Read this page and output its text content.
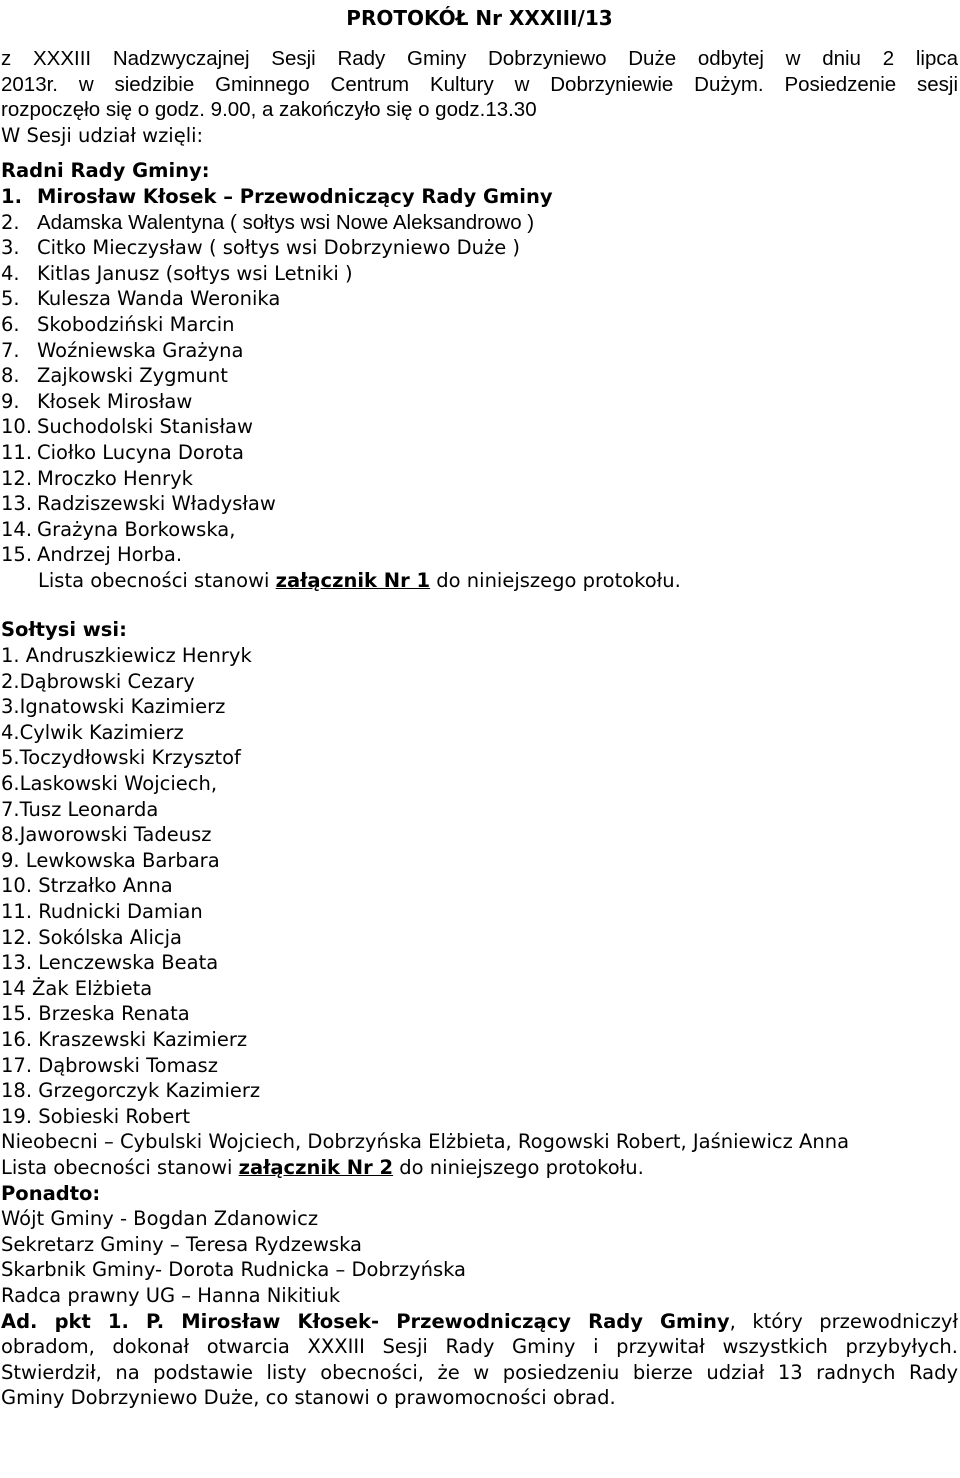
PROTOKÓŁ Nr XXXIII/13
z XXXIII Nadzwyczajnej Sesji Rady Gminy Dobrzyniewo Duże odbytej w dniu 2 lipca
2013r. w siedzibie Gminnego Centrum Kultury w Dobrzyniewie Dużym. Posiedzenie sesji
rozpoczęło się o godz. 9.00, a zakończyło się o godz.13.30
W Sesji udział wzięli:
Radni Rady Gminy:
1. Mirosław Kłosek – Przewodniczący Rady Gminy
2. Adamska Walentyna ( sołtys wsi Nowe Aleksandrowo )
3. Citko Mieczysław ( sołtys wsi Dobrzyniewo Duże )
4. Kitlas Janusz (sołtys wsi Letniki )
5. Kulesza Wanda Weronika
6. Skobodziński Marcin
7. Woźniewska Grażyna
8. Zajkowski Zygmunt
9. Kłosek Mirosław
10. Suchodolski Stanisław
11. Ciołko Lucyna Dorota
12. Mroczko Henryk
13. Radziszewski Władysław
14. Grażyna Borkowska,
15. Andrzej Horba.
Lista obecności stanowi załącznik Nr 1 do niniejszego protokołu.
Sołtysi wsi:
1. Andruszkiewicz Henryk
2.Dąbrowski Cezary
3.Ignatowski Kazimierz
4.Cylwik Kazimierz
5.Toczydłowski Krzysztof
6.Laskowski Wojciech,
7.Tusz Leonarda
8.Jaworowski Tadeusz
9. Lewkowska Barbara
10. Strzałko Anna
11. Rudnicki Damian
12. Sokólska Alicja
13. Lenczewska Beata
14 Żak Elżbieta
15. Brzeska Renata
16. Kraszewski Kazimierz
17. Dąbrowski Tomasz
18. Grzegorczyk Kazimierz
19. Sobieski Robert
Nieobecni – Cybulski Wojciech, Dobrzyńska Elżbieta, Rogowski Robert, Jaśniewicz Anna
Lista obecności stanowi załącznik Nr 2 do niniejszego protokołu.
Ponadto:
Wójt Gminy - Bogdan Zdanowicz
Sekretarz Gminy – Teresa Rydzewska
Skarbnik Gminy- Dorota Rudnicka – Dobrzyńska
Radca prawny UG – Hanna Nikitiuk
Ad. pkt 1. P. Mirosław Kłosek- Przewodniczący Rady Gminy, który przewodniczył
obradom, dokonał otwarcia XXXIII Sesji Rady Gminy i przywitał wszystkich przybyłych.
Stwierdził, na podstawie listy obecności, że w posiedzeniu bierze udział 13 radnych Rady
Gminy Dobrzyniewo Duże, co stanowi o prawomocności obrad.
